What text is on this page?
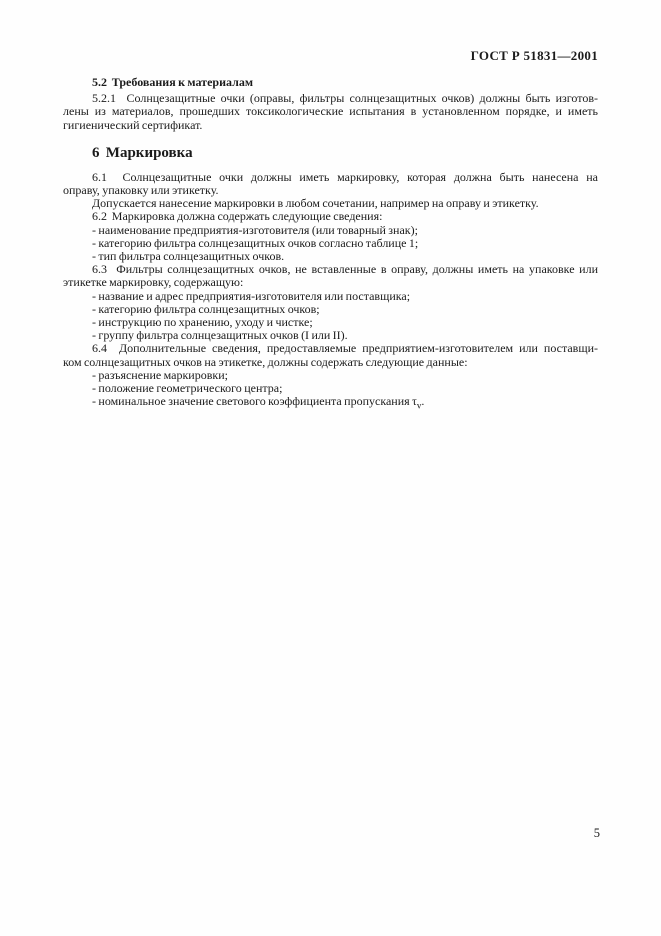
ГОСТ Р 51831—2001
5.2  Требования к материалам
5.2.1  Солнцезащитные очки (оправы, фильтры солнцезащитных очков) должны быть изготов-
лены из материалов, прошедших токсикологические испытания в установленном порядке, и иметь
гигиенический сертификат.
6  Маркировка
6.1  Солнцезащитные очки должны иметь маркировку, которая должна быть нанесена на
оправу, упаковку или этикетку.
Допускается нанесение маркировки в любом сочетании, например на оправу и этикетку.
6.2  Маркировка должна содержать следующие сведения:
- наименование предприятия-изготовителя (или товарный знак);
- категорию фильтра солнцезащитных очков согласно таблице 1;
- тип фильтра солнцезащитных очков.
6.3  Фильтры солнцезащитных очков, не вставленные в оправу, должны иметь на упаковке или
этикетке маркировку, содержащую:
- название и адрес предприятия-изготовителя или поставщика;
- категорию фильтра солнцезащитных очков;
- инструкцию по хранению, уходу и чистке;
- группу фильтра солнцезащитных очков (I или II).
6.4  Дополнительные сведения, предоставляемые предприятием-изготовителем или поставщи-
ком солнцезащитных очков на этикетке, должны содержать следующие данные:
- разъяснение маркировки;
- положение геометрического центра;
- номинальное значение светового коэффициента пропускания $\tau_v$.
5
